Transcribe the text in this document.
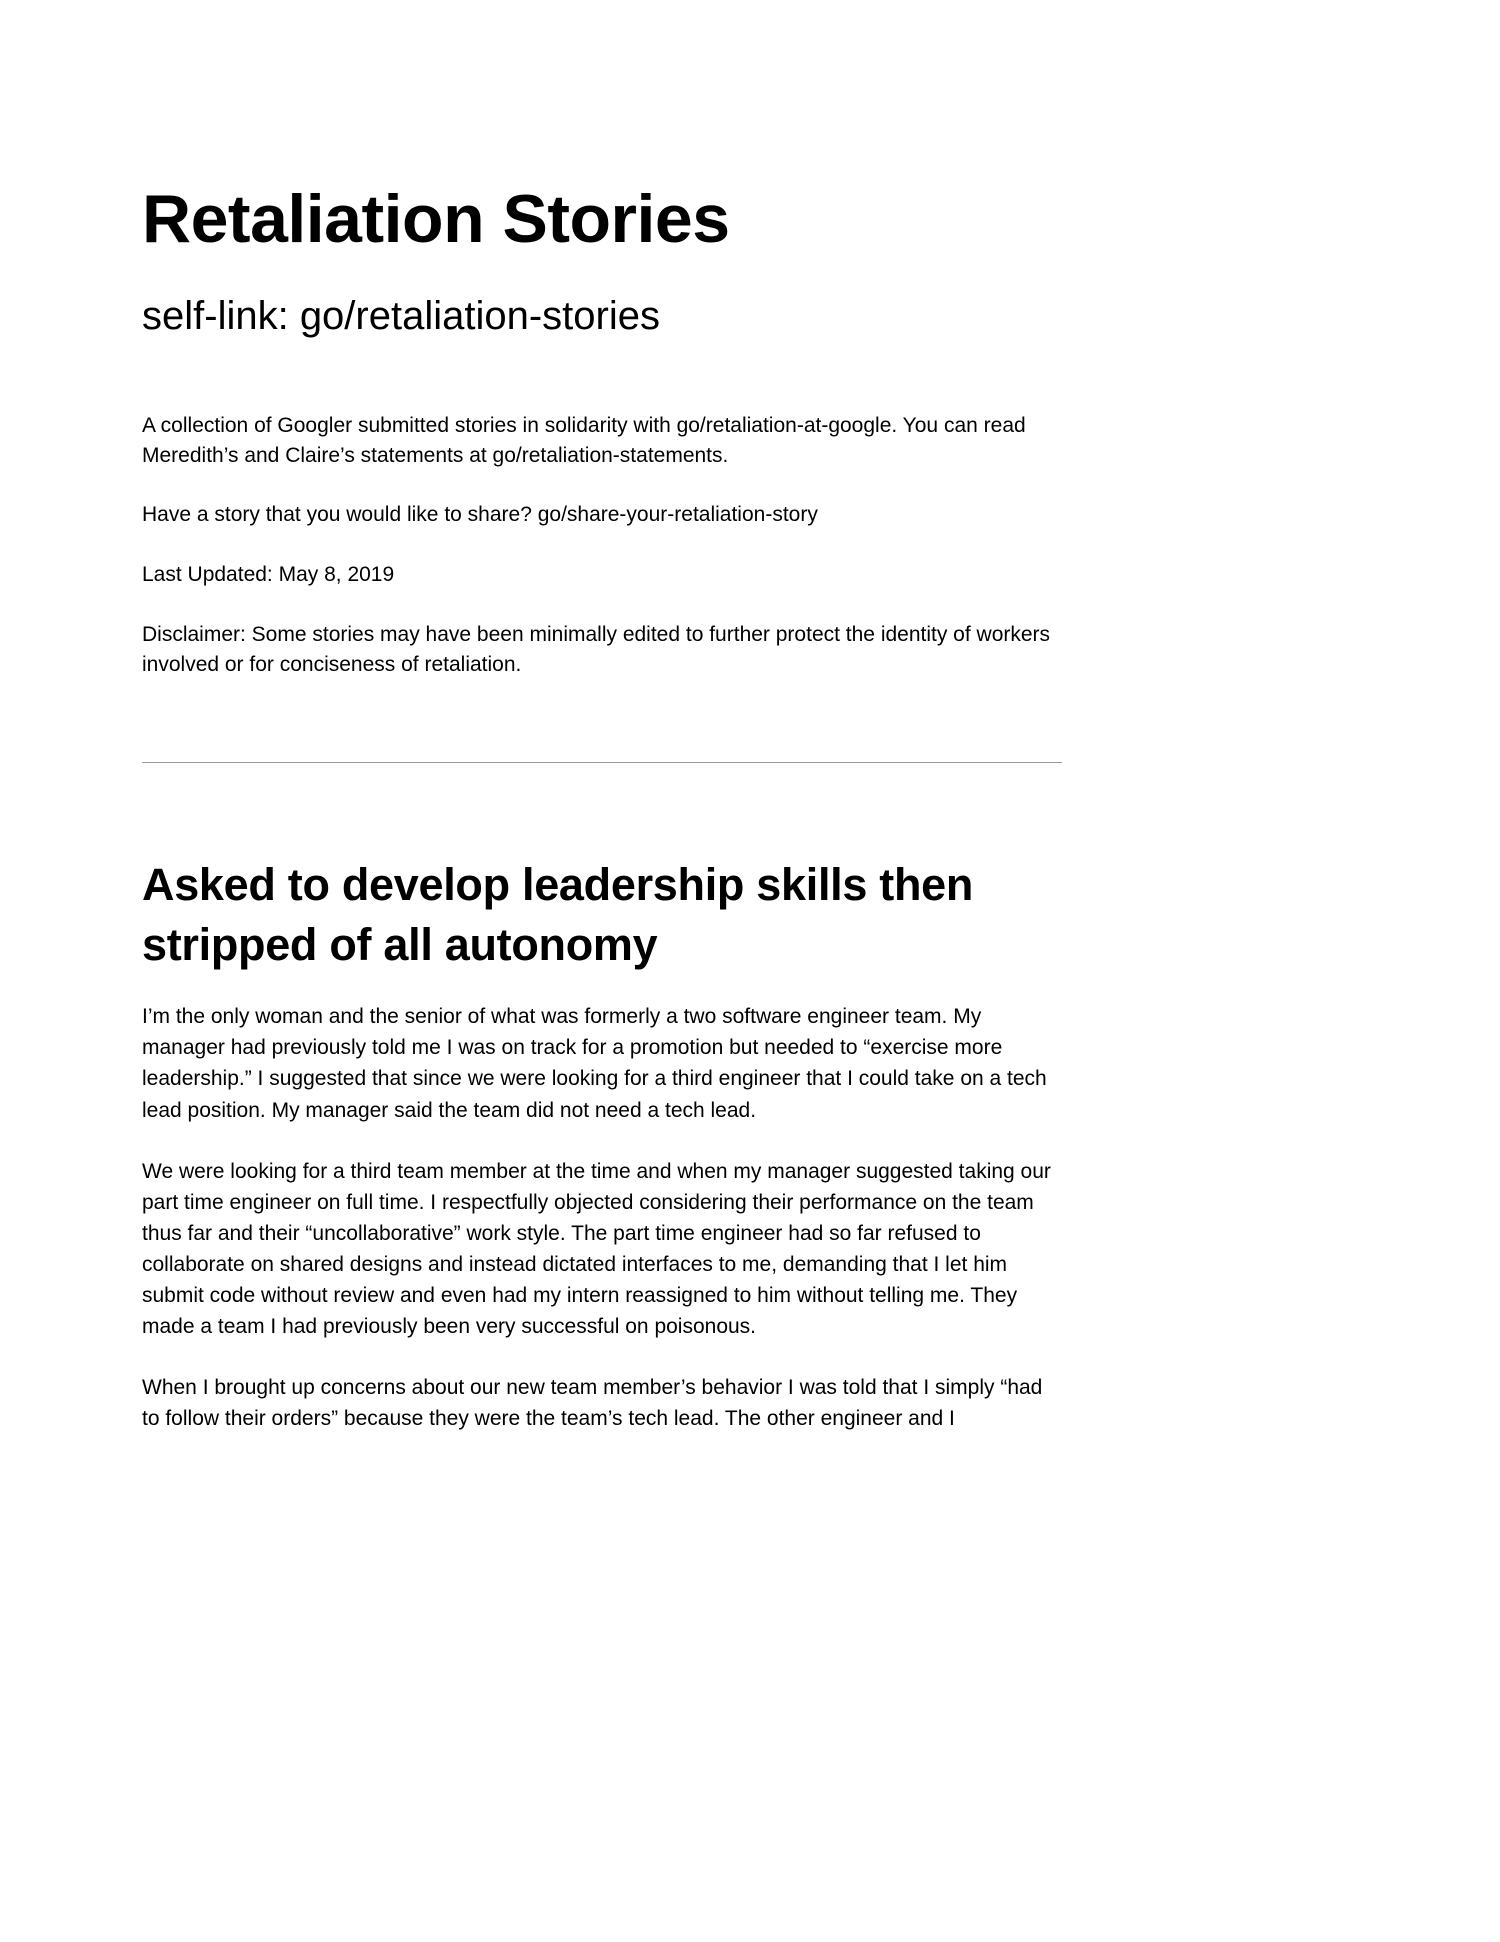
Retaliation Stories
self-link: go/retaliation-stories

A collection of Googler submitted stories in solidarity with go/retaliation-at-google. You can read Meredith’s and Claire’s statements at go/retaliation-statements.

Have a story that you would like to share? go/share-your-retaliation-story

Last Updated: May 8, 2019

Disclaimer: Some stories may have been minimally edited to further protect the identity of workers involved or for conciseness of retaliation.

Asked to develop leadership skills then stripped of all autonomy

I’m the only woman and the senior of what was formerly a two software engineer team. My manager had previously told me I was on track for a promotion but needed to “exercise more leadership.” I suggested that since we were looking for a third engineer that I could take on a tech lead position. My manager said the team did not need a tech lead.

We were looking for a third team member at the time and when my manager suggested taking our part time engineer on full time. I respectfully objected considering their performance on the team thus far and their “uncollaborative” work style. The part time engineer had so far refused to collaborate on shared designs and instead dictated interfaces to me, demanding that I let him submit code without review and even had my intern reassigned to him without telling me. They made a team I had previously been very successful on poisonous.

When I brought up concerns about our new team member’s behavior I was told that I simply “had to follow their orders” because they were the team’s tech lead. The other engineer and I
